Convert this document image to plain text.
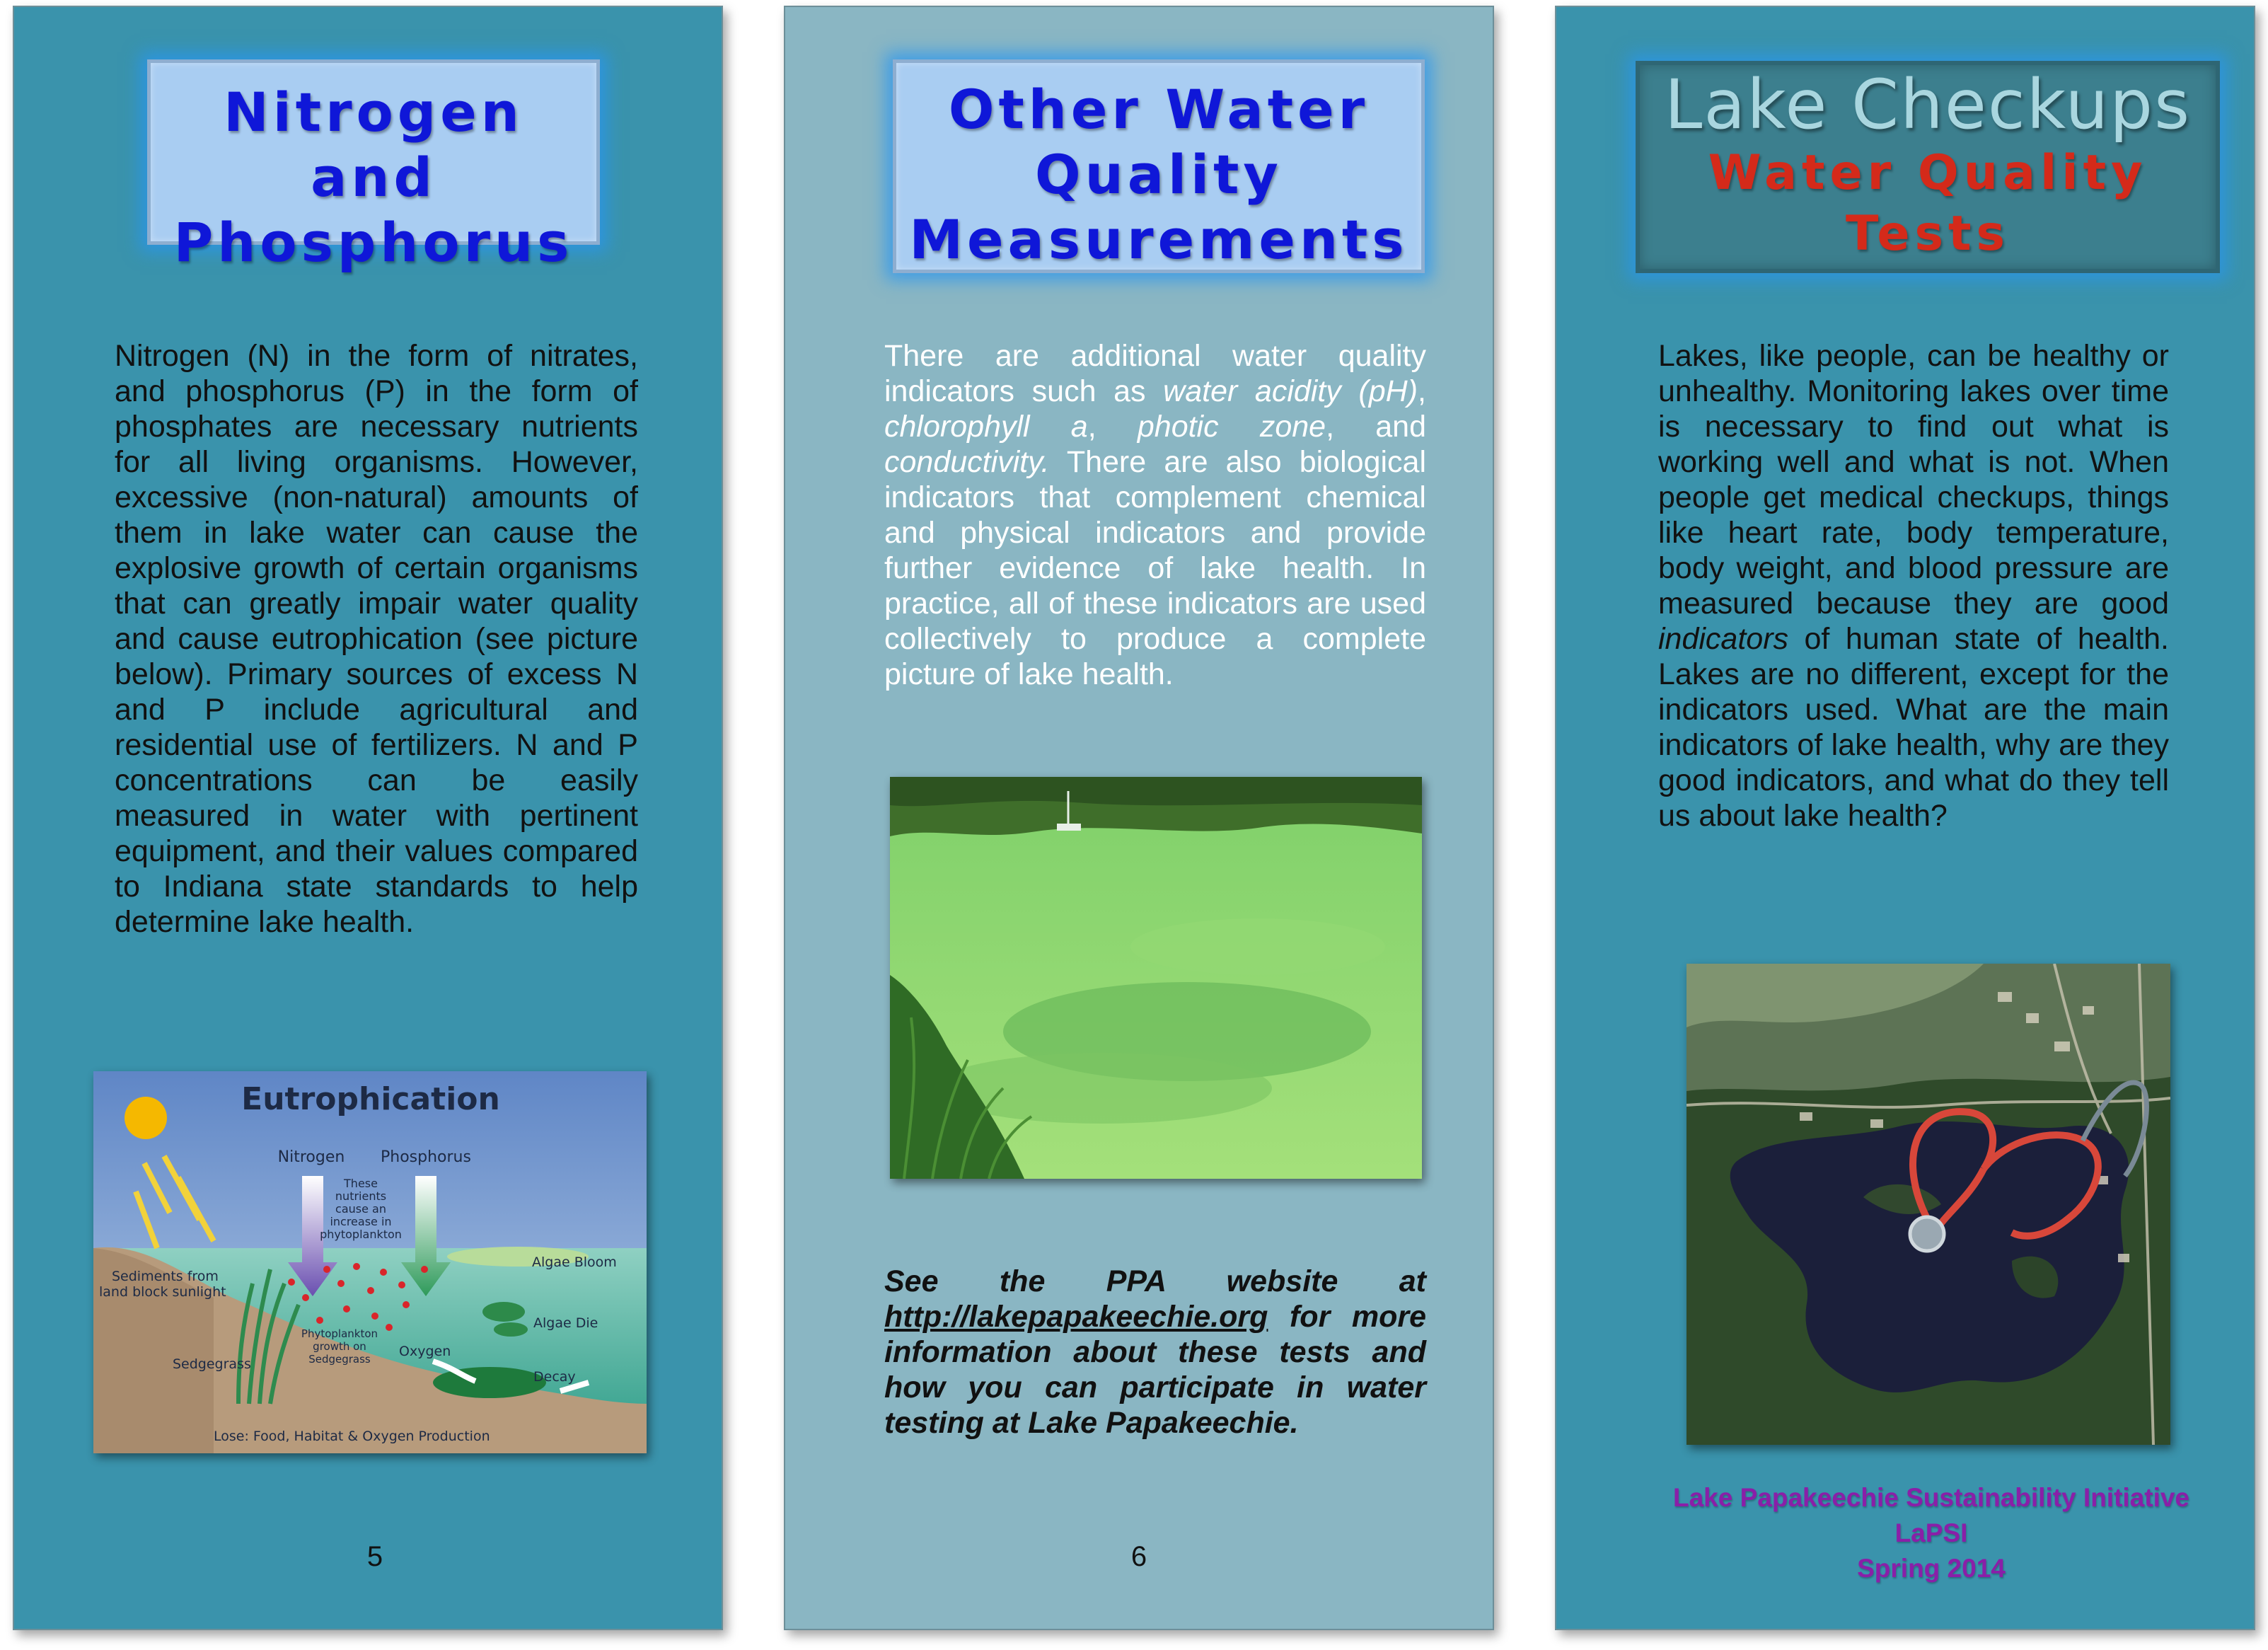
Nitrogen and
Phosphorus
Nitrogen (N) in the form of nitrates, and phosphorus (P) in the form of phosphates are necessary nutrients for all living organisms. However, excessive (non-natural) amounts of them in lake water can cause the explosive growth of certain organisms that can greatly impair water quality and cause eutrophication (see picture below). Primary sources of excess N and P include agricultural and residential use of fertilizers. N and P concentrations can be easily measured in water with pertinent equipment, and their values compared to Indiana state standards to help determine lake health.
Eutrophication
Nitrogen Phosphorus
These
nutrients
cause an
increase in
phytoplankton
Sediments from
land block sunlight
Algae Bloom
Algae Die
Oxygen
Sedgegrass
Decay
Lose: Food, Habitat & Oxygen Production
Phytoplankton
growth on
Sedgegrass
5
Other Water
Quality
Measurements
There are additional water quality indicators such as water acidity (pH), chlorophyll a, photic zone, and conductivity. There are also biological indicators that complement chemical and physical indicators and provide further evidence of lake health. In practice, all of these indicators are used collectively to produce a complete picture of lake health.
See the PPA website at http://lakepapakeechie.org for more information about these tests and how you can participate in water testing at Lake Papakeechie.
6
Lake Checkups
Water Quality
Tests
Lakes, like people, can be healthy or unhealthy. Monitoring lakes over time is necessary to find out what is working well and what is not. When people get medical checkups, things like heart rate, body temperature, body weight, and blood pressure are measured because they are good indicators of human state of health. Lakes are no different, except for the indicators used. What are the main indicators of lake health, why are they good indicators, and what do they tell us about lake health?
Lake Papakeechie Sustainability Initiative
LaPSI
Spring 2014
